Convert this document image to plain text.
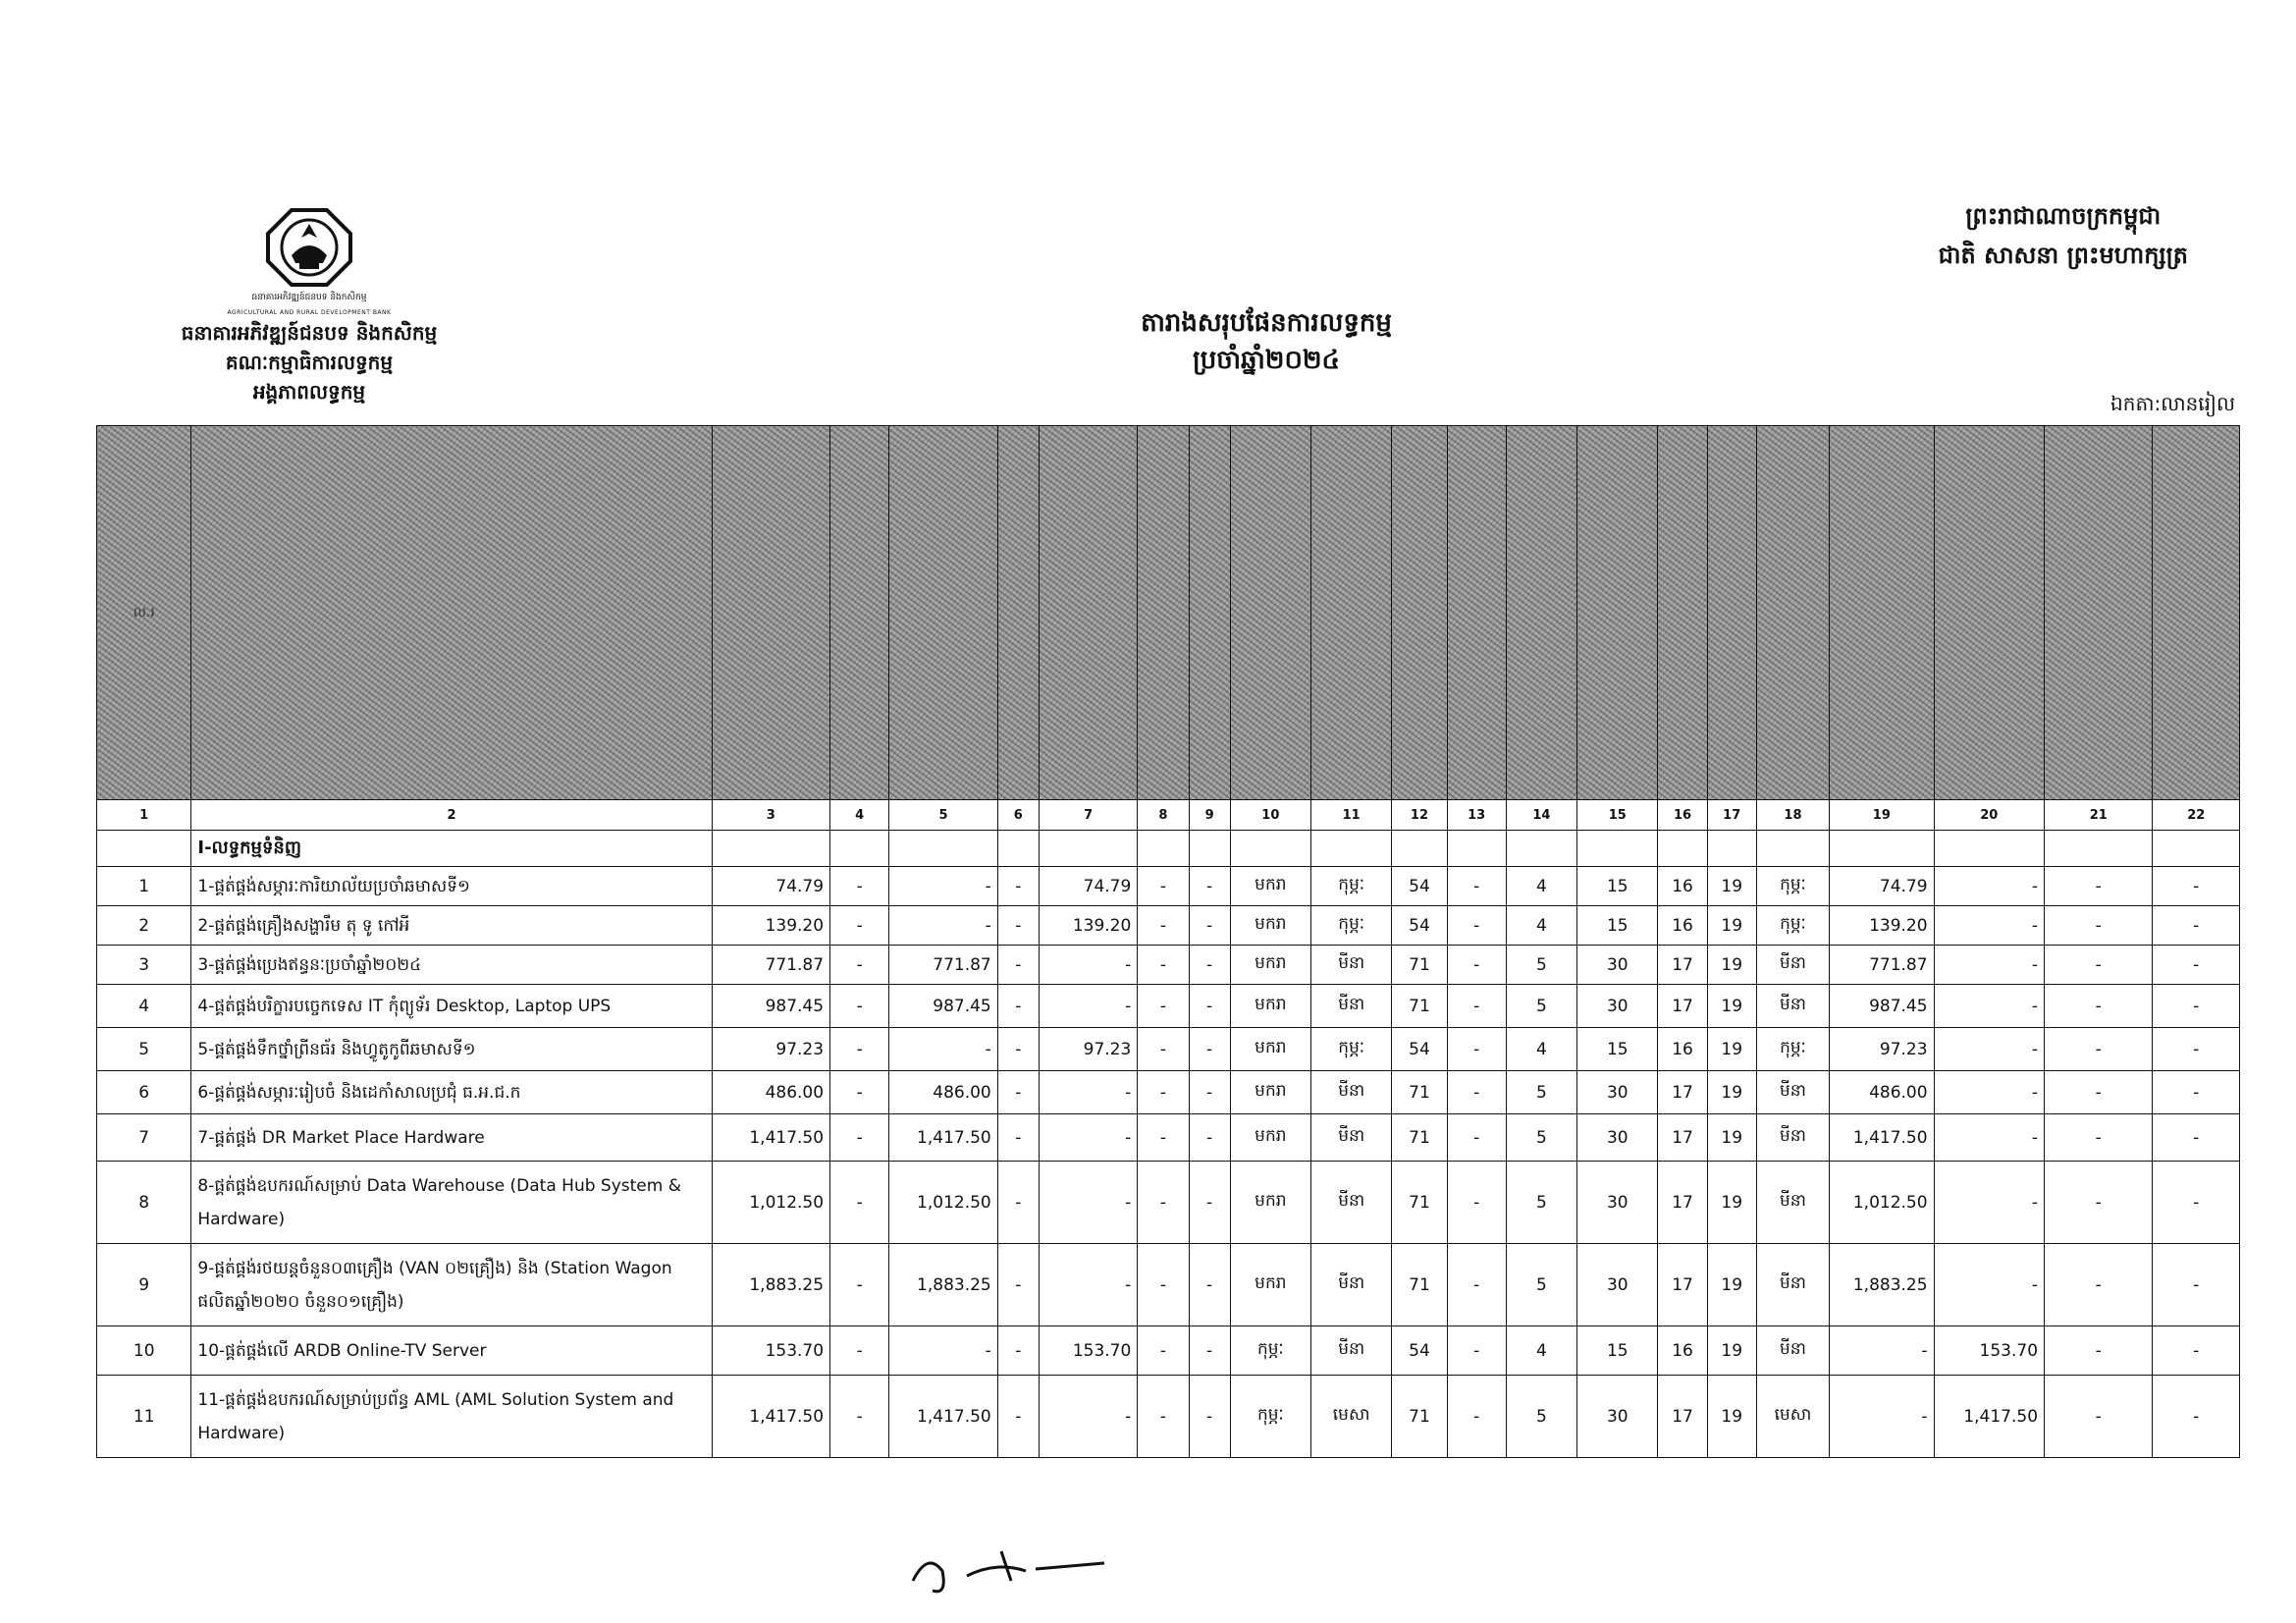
ធនាគារអភិវឌ្ឍន៍ជនបទ និងកសិកម្ម
AGRICULTURAL AND RURAL DEVELOPMENT BANK
ធនាគារអភិវឌ្ឍន៍ជនបទ និងកសិកម្ម
គណៈកម្មាធិការលទ្ធកម្ម
អង្គភាពលទ្ធកម្ម
ព្រះរាជាណាចក្រកម្ពុជា
ជាតិ សាសនា ព្រះមហាក្សត្រ
តារាងសរុបផែនការលទ្ធកម្ម
ប្រចាំឆ្នាំ២០២៤
ឯកតា:លានរៀល
ល.រ																					
1	2	3	4	5	6	7	8	9	10	11	12	13	14	15	16	17	18	19	20	21	22
	I-លទ្ធកម្មទំនិញ																				
1	1-ផ្គត់ផ្គង់សម្ភារៈការិយាល័យប្រចាំឆមាសទី១	74.79	-	-	-	74.79	-	-	មករា	កុម្ភៈ	54	-	4	15	16	19	កុម្ភៈ	74.79	-	-	-
2	2-ផ្គត់ផ្គង់គ្រឿងសង្ហារឹម តុ ទូ កៅអី	139.20	-	-	-	139.20	-	-	មករា	កុម្ភៈ	54	-	4	15	16	19	កុម្ភៈ	139.20	-	-	-
3	3-ផ្គត់ផ្គង់ប្រេងឥន្ធនៈប្រចាំឆ្នាំ២០២៤	771.87	-	771.87	-	-	-	-	មករា	មីនា	71	-	5	30	17	19	មីនា	771.87	-	-	-
4	4-ផ្គត់ផ្គង់បរិក្ខារបច្ចេកទេស IT កុំព្យូទ័រ Desktop, Laptop UPS	987.45	-	987.45	-	-	-	-	មករា	មីនា	71	-	5	30	17	19	មីនា	987.45	-	-	-
5	5-ផ្គត់ផ្គង់ទឹកថ្នាំព្រីនធ័រ និងហ្វូតូកូពីឆមាសទី១	97.23	-	-	-	97.23	-	-	មករា	កុម្ភៈ	54	-	4	15	16	19	កុម្ភៈ	97.23	-	-	-
6	6-ផ្គត់ផ្គង់សម្ភារៈរៀបចំ និងដេកាំសាលប្រជុំ ធ.អ.ជ.ក	486.00	-	486.00	-	-	-	-	មករា	មីនា	71	-	5	30	17	19	មីនា	486.00	-	-	-
7	7-ផ្គត់ផ្គង់ DR Market Place Hardware	1,417.50	-	1,417.50	-	-	-	-	មករា	មីនា	71	-	5	30	17	19	មីនា	1,417.50	-	-	-
8	8-ផ្គត់ផ្គង់ឧបករណ៍សម្រាប់ Data Warehouse (Data Hub System & Hardware)	1,012.50	-	1,012.50	-	-	-	-	មករា	មីនា	71	-	5	30	17	19	មីនា	1,012.50	-	-	-
9	9-ផ្គត់ផ្គង់រថយន្តចំនួន០៣គ្រឿង (VAN ០២គ្រឿង) និង (Station Wagon ផលិតឆ្នាំ២០២០ ចំនួន០១គ្រឿង)	1,883.25	-	1,883.25	-	-	-	-	មករា	មីនា	71	-	5	30	17	19	មីនា	1,883.25	-	-	-
10	10-ផ្គត់ផ្គង់លើ ARDB Online-TV Server	153.70	-	-	-	153.70	-	-	កុម្ភៈ	មីនា	54	-	4	15	16	19	មីនា	-	153.70	-	-
11	11-ផ្គត់ផ្គង់ឧបករណ៍សម្រាប់ប្រព័ន្ធ AML (AML Solution System and Hardware)	1,417.50	-	1,417.50	-	-	-	-	កុម្ភៈ	មេសា	71	-	5	30	17	19	មេសា	-	1,417.50	-	-
